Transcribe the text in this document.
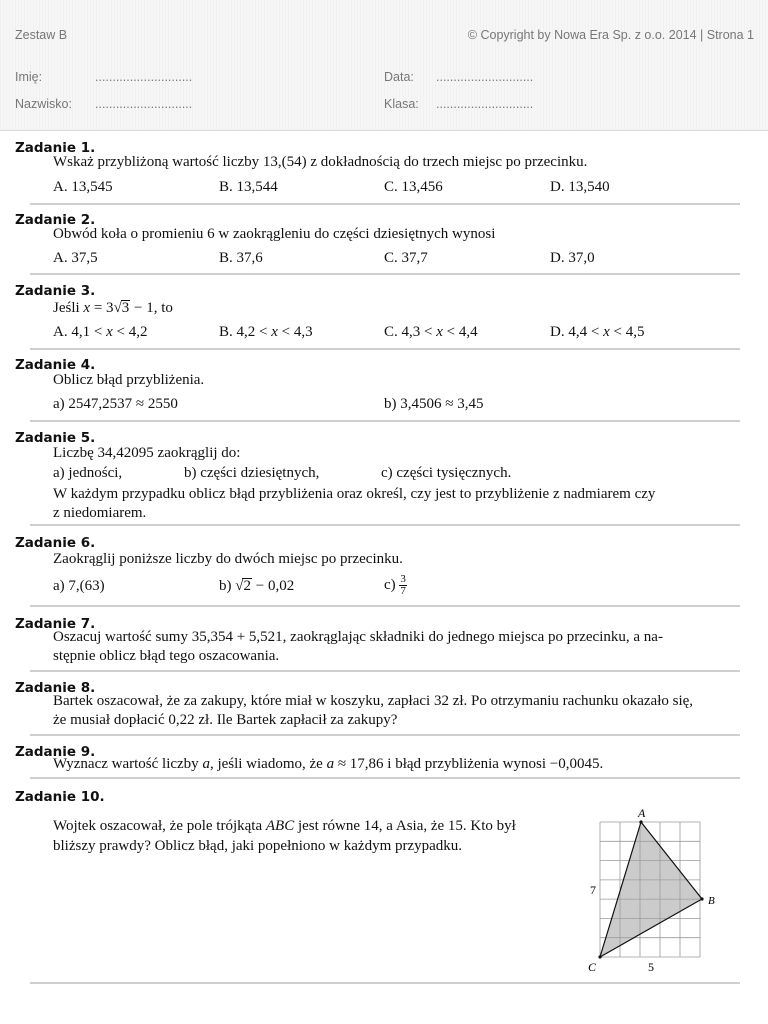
Zestaw B	© Copyright by Nowa Era Sp. z o.o. 2014 | Strona 1
Imię:	............................	Data: ............................
Nazwisko: ............................	Klasa: ............................
Zadanie 1.
Wskaż przybliżoną wartość liczby 13,(54) z dokładnością do trzech miejsc po przecinku.
A. 13,545	B. 13,544	C. 13,456	D. 13,540
Zadanie 2.
Obwód koła o promieniu 6 w zaokrągleniu do części dziesiętnych wynosi
A. 37,5	B. 37,6	C. 37,7	D. 37,0
Zadanie 3.
Jeśli x = 3√3 − 1, to
A. 4,1 < x < 4,2	B. 4,2 < x < 4,3	C. 4,3 < x < 4,4	D. 4,4 < x < 4,5
Zadanie 4.
Oblicz błąd przybliżenia.
a) 2547,2537 ≈ 2550	b) 3,4506 ≈ 3,45
Zadanie 5.
Liczbę 34,42095 zaokrąglij do:
a) jedności,	b) części dziesiętnych,	c) części tysięcznych.
W każdym przypadku oblicz błąd przybliżenia oraz określ, czy jest to przybliżenie z nadmiarem czy
z niedomiarem.
Zadanie 6.
Zaokrąglij poniższe liczby do dwóch miejsc po przecinku.
a) 7,(63)	b) √2 − 0,02	$c) \frac{3}{7}$
Zadanie 7.
Oszacuj wartość sumy 35,354 + 5,521, zaokrąglając składniki do jednego miejsca po przecinku, a na-
stępnie oblicz błąd tego oszacowania.
Zadanie 8.
Bartek oszacował, że za zakupy, które miał w koszyku, zapłaci 32 zł. Po otrzymaniu rachunku okazało się,
że musiał dopłacić 0,22 zł. Ile Bartek zapłacił za zakupy?
Zadanie 9.
Wyznacz wartość liczby a, jeśli wiadomo, że a ≈ 17,86 i błąd przybliżenia wynosi −0,0045.
Zadanie 10.
Wojtek oszacował, że pole trójkąta ABC jest równe 14, a Asia, że 15. Kto był
bliższy prawdy? Oblicz błąd, jaki popełniono w każdym przypadku.
A
B
C
7
5
